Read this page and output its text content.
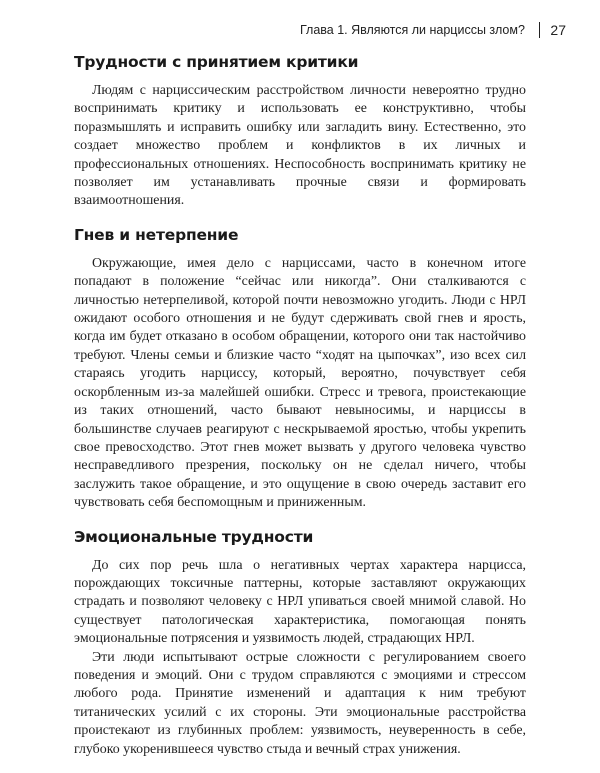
Глава 1. Являются ли нарциссы злом? 27
Трудности с принятием критики

Людям с нарциссическим расстройством личности невероятно трудно воспринимать критику и использовать ее конструктивно, чтобы поразмышлять и исправить ошибку или загладить вину. Естественно, это создает множество проблем и конфликтов в их личных и профессиональных отношениях. Неспособность воспринимать критику не позволяет им устанавливать прочные связи и формировать взаимоотношения.

Гнев и нетерпение

Окружающие, имея дело с нарциссами, часто в конечном итоге попадают в положение “сейчас или никогда”. Они сталкиваются с личностью нетерпеливой, которой почти невозможно угодить. Люди с НРЛ ожидают особого отношения и не будут сдерживать свой гнев и ярость, когда им будет отказано в особом обращении, которого они так настойчиво требуют. Члены семьи и близкие часто “ходят на цыпочках”, изо всех сил стараясь угодить нарциссу, который, вероятно, почувствует себя оскорбленным из-за малейшей ошибки. Стресс и тревога, проистекающие из таких отношений, часто бывают невыносимы, и нарциссы в большинстве случаев реагируют с нескрываемой яростью, чтобы укрепить свое превосходство. Этот гнев может вызвать у другого человека чувство несправедливого презрения, поскольку он не сделал ничего, чтобы заслужить такое обращение, и это ощущение в свою очередь заставит его чувствовать себя беспомощным и приниженным.

Эмоциональные трудности

До сих пор речь шла о негативных чертах характера нарцисса, порождающих токсичные паттерны, которые заставляют окружающих страдать и позволяют человеку с НРЛ упиваться своей мнимой славой. Но существует патологическая характеристика, помогающая понять эмоциональные потрясения и уязвимость людей, страдающих НРЛ.

Эти люди испытывают острые сложности с регулированием своего поведения и эмоций. Они с трудом справляются с эмоциями и стрессом любого рода. Принятие изменений и адаптация к ним требуют титанических усилий с их стороны. Эти эмоциональные расстройства проистекают из глубинных проблем: уязвимость, неуверенность в себе, глубоко укоренившееся чувство стыда и вечный страх унижения.
